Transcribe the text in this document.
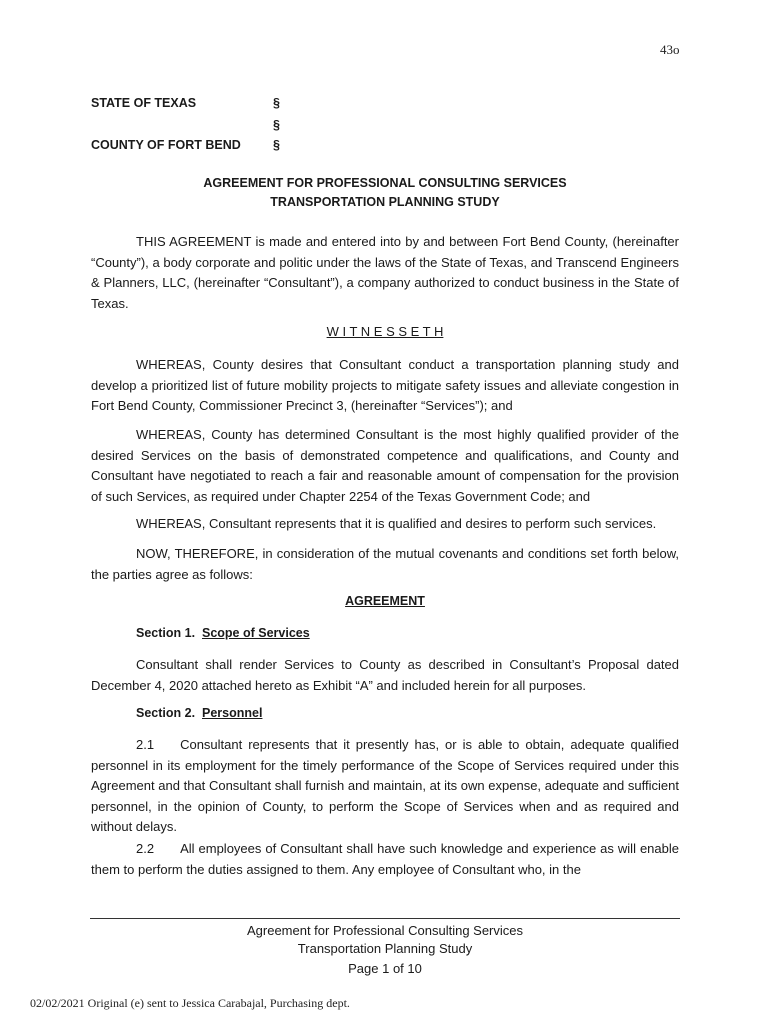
43o
STATE OF TEXAS	§
§
COUNTY OF FORT BEND	§
AGREEMENT FOR PROFESSIONAL CONSULTING SERVICES
TRANSPORTATION PLANNING STUDY

THIS AGREEMENT is made and entered into by and between Fort Bend County, (hereinafter “County”), a body corporate and politic under the laws of the State of Texas, and Transcend Engineers & Planners, LLC, (hereinafter “Consultant”), a company authorized to conduct business in the State of Texas.

W I T N E S S E T H

WHEREAS, County desires that Consultant conduct a transportation planning study and develop a prioritized list of future mobility projects to mitigate safety issues and alleviate congestion in Fort Bend County, Commissioner Precinct 3, (hereinafter “Services”); and

WHEREAS, County has determined Consultant is the most highly qualified provider of the desired Services on the basis of demonstrated competence and qualifications, and County and Consultant have negotiated to reach a fair and reasonable amount of compensation for the provision of such Services, as required under Chapter 2254 of the Texas Government Code; and

WHEREAS, Consultant represents that it is qualified and desires to perform such services.

NOW, THEREFORE, in consideration of the mutual covenants and conditions set forth below, the parties agree as follows:

AGREEMENT
Section 1. Scope of Services

Consultant shall render Services to County as described in Consultant’s Proposal dated December 4, 2020 attached hereto as Exhibit “A” and included herein for all purposes.

Section 2. Personnel

2.1  Consultant represents that it presently has, or is able to obtain, adequate qualified personnel in its employment for the timely performance of the Scope of Services required under this Agreement and that Consultant shall furnish and maintain, at its own expense, adequate and sufficient personnel, in the opinion of County, to perform the Scope of Services when and as required and without delays.

2.2  All employees of Consultant shall have such knowledge and experience as will enable them to perform the duties assigned to them. Any employee of Consultant who, in the

Agreement for Professional Consulting Services
Transportation Planning Study
Page 1 of 10
02/02/2021 Original (e) sent to Jessica Carabajal, Purchasing dept.
